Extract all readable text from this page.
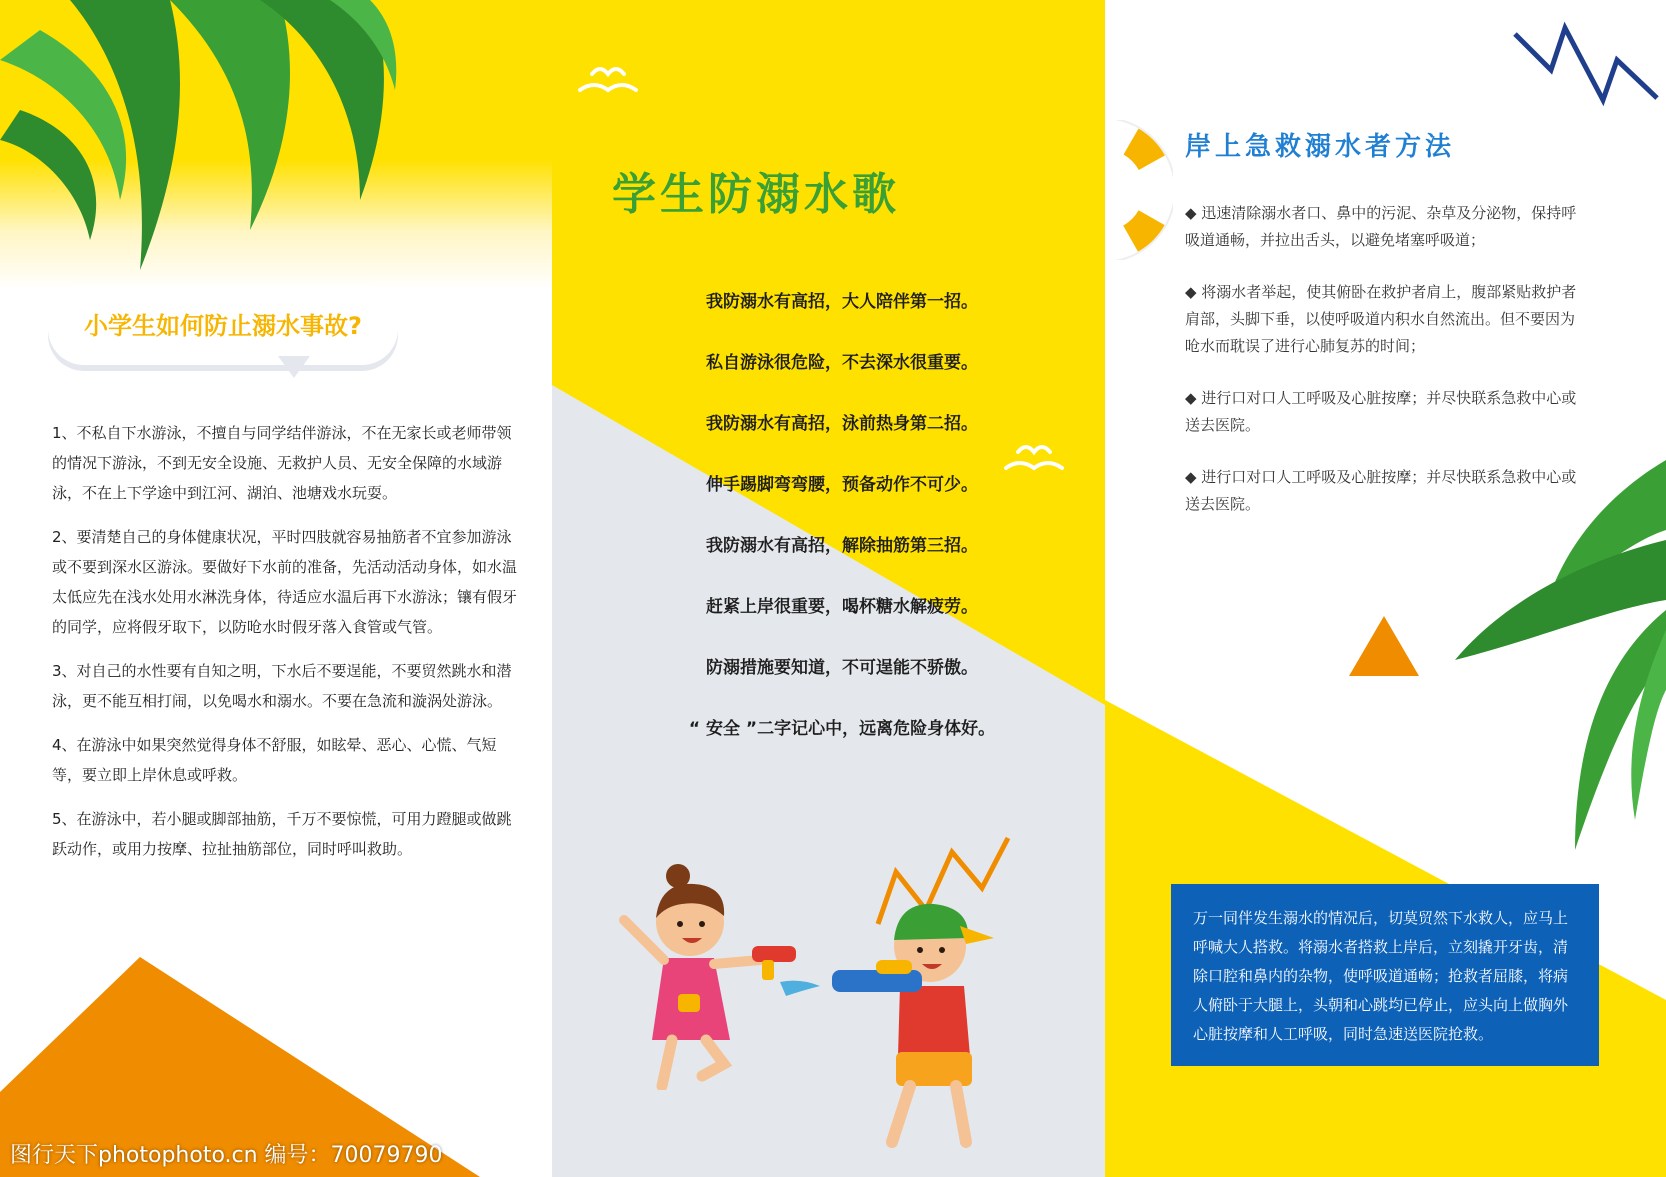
小学生如何防止溺水事故?

1、不私自下水游泳，不擅自与同学结伴游泳，不在无家长或老师带领的情况下游泳，不到无安全设施、无救护人员、无安全保障的水域游泳，不在上下学途中到江河、湖泊、池塘戏水玩耍。

2、要清楚自己的身体健康状况，平时四肢就容易抽筋者不宜参加游泳或不要到深水区游泳。要做好下水前的准备，先活动活动身体，如水温太低应先在浅水处用水淋洗身体，待适应水温后再下水游泳；镶有假牙的同学，应将假牙取下，以防呛水时假牙落入食管或气管。

3、对自己的水性要有自知之明，下水后不要逞能，不要贸然跳水和潜泳，更不能互相打闹，以免喝水和溺水。不要在急流和漩涡处游泳。

4、在游泳中如果突然觉得身体不舒服，如眩晕、恶心、心慌、气短等，要立即上岸休息或呼救。

5、在游泳中，若小腿或脚部抽筋，千万不要惊慌，可用力蹬腿或做跳跃动作，或用力按摩、拉扯抽筋部位，同时呼叫救助。

学生防溺水歌

我防溺水有高招，大人陪伴第一招。

私自游泳很危险，不去深水很重要。

我防溺水有高招，泳前热身第二招。

伸手踢脚弯弯腰，预备动作不可少。

我防溺水有高招，解除抽筋第三招。

赶紧上岸很重要，喝杯糖水解疲劳。

防溺措施要知道，不可逞能不骄傲。

“ 安全 ”二字记心中，远离危险身体好。

岸上急救溺水者方法

◆ 迅速清除溺水者口、鼻中的污泥、杂草及分泌物，保持呼吸道通畅，并拉出舌头，以避免堵塞呼吸道；

◆ 将溺水者举起，使其俯卧在救护者肩上，腹部紧贴救护者肩部，头脚下垂，以使呼吸道内积水自然流出。但不要因为 呛水而耽误了进行心肺复苏的时间；

◆ 进行口对口人工呼吸及心脏按摩；并尽快联系急救中心或送去医院。

◆ 进行口对口人工呼吸及心脏按摩；并尽快联系急救中心或送去医院。

万一同伴发生溺水的情况后，切莫贸然下水救人，应马上呼喊大人搭救。将溺水者搭救上岸后，立刻撬开牙齿，清除口腔和鼻内的杂物，使呼吸道通畅；抢救者屈膝，将病人俯卧于大腿上，头朝和心跳均已停止，应头向上做胸外心脏按摩和人工呼吸，同时急速送医院抢救。

图行天下photophoto.cn 编号：70079790
